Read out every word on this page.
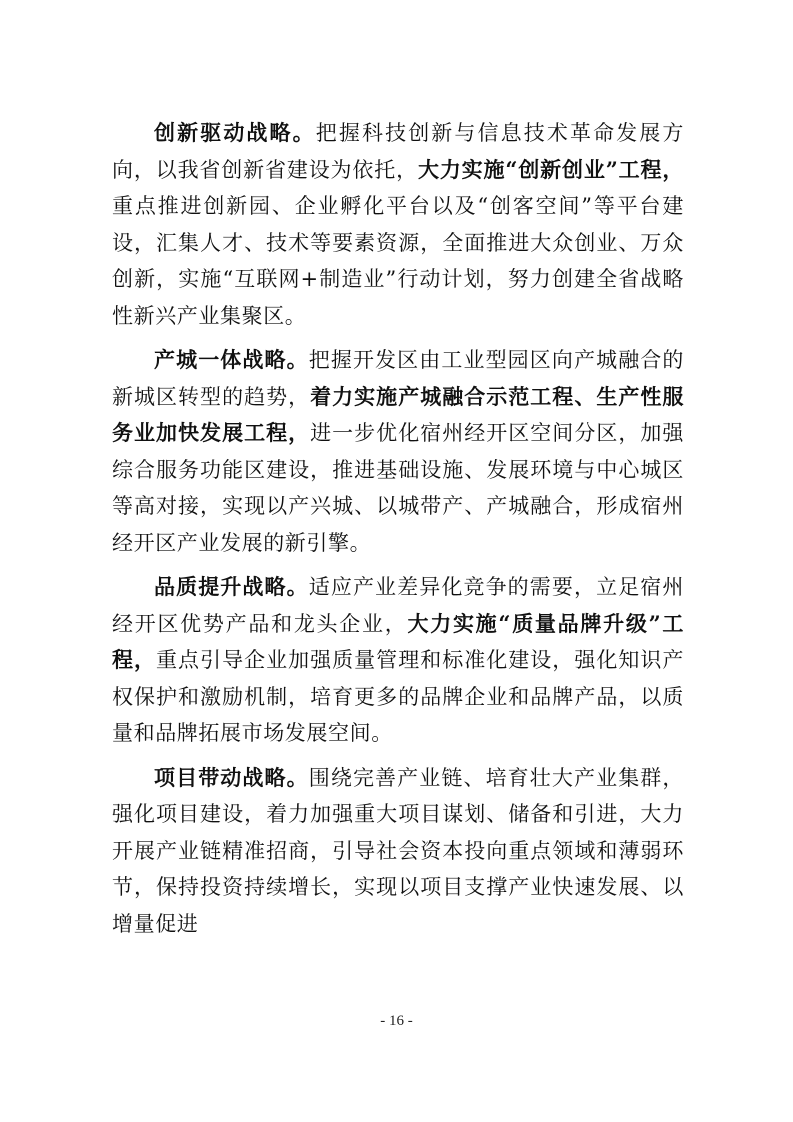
创新驱动战略。把握科技创新与信息技术革命发展方向，以我省创新省建设为依托，大力实施“创新创业”工程，重点推进创新园、企业孵化平台以及“创客空间”等平台建设，汇集人才、技术等要素资源，全面推进大众创业、万众创新，实施“互联网+制造业”行动计划，努力创建全省战略性新兴产业集聚区。

产城一体战略。把握开发区由工业型园区向产城融合的新城区转型的趋势，着力实施产城融合示范工程、生产性服务业加快发展工程，进一步优化宿州经开区空间分区，加强综合服务功能区建设，推进基础设施、发展环境与中心城区等高对接，实现以产兴城、以城带产、产城融合，形成宿州经开区产业发展的新引擎。

品质提升战略。适应产业差异化竞争的需要，立足宿州经开区优势产品和龙头企业，大力实施“质量品牌升级”工程，重点引导企业加强质量管理和标准化建设，强化知识产权保护和激励机制，培育更多的品牌企业和品牌产品，以质量和品牌拓展市场发展空间。

项目带动战略。围绕完善产业链、培育壮大产业集群，强化项目建设，着力加强重大项目谋划、储备和引进，大力开展产业链精准招商，引导社会资本投向重点领域和薄弱环节，保持投资持续增长，实现以项目支撑产业快速发展、以增量促进

- 16 -
